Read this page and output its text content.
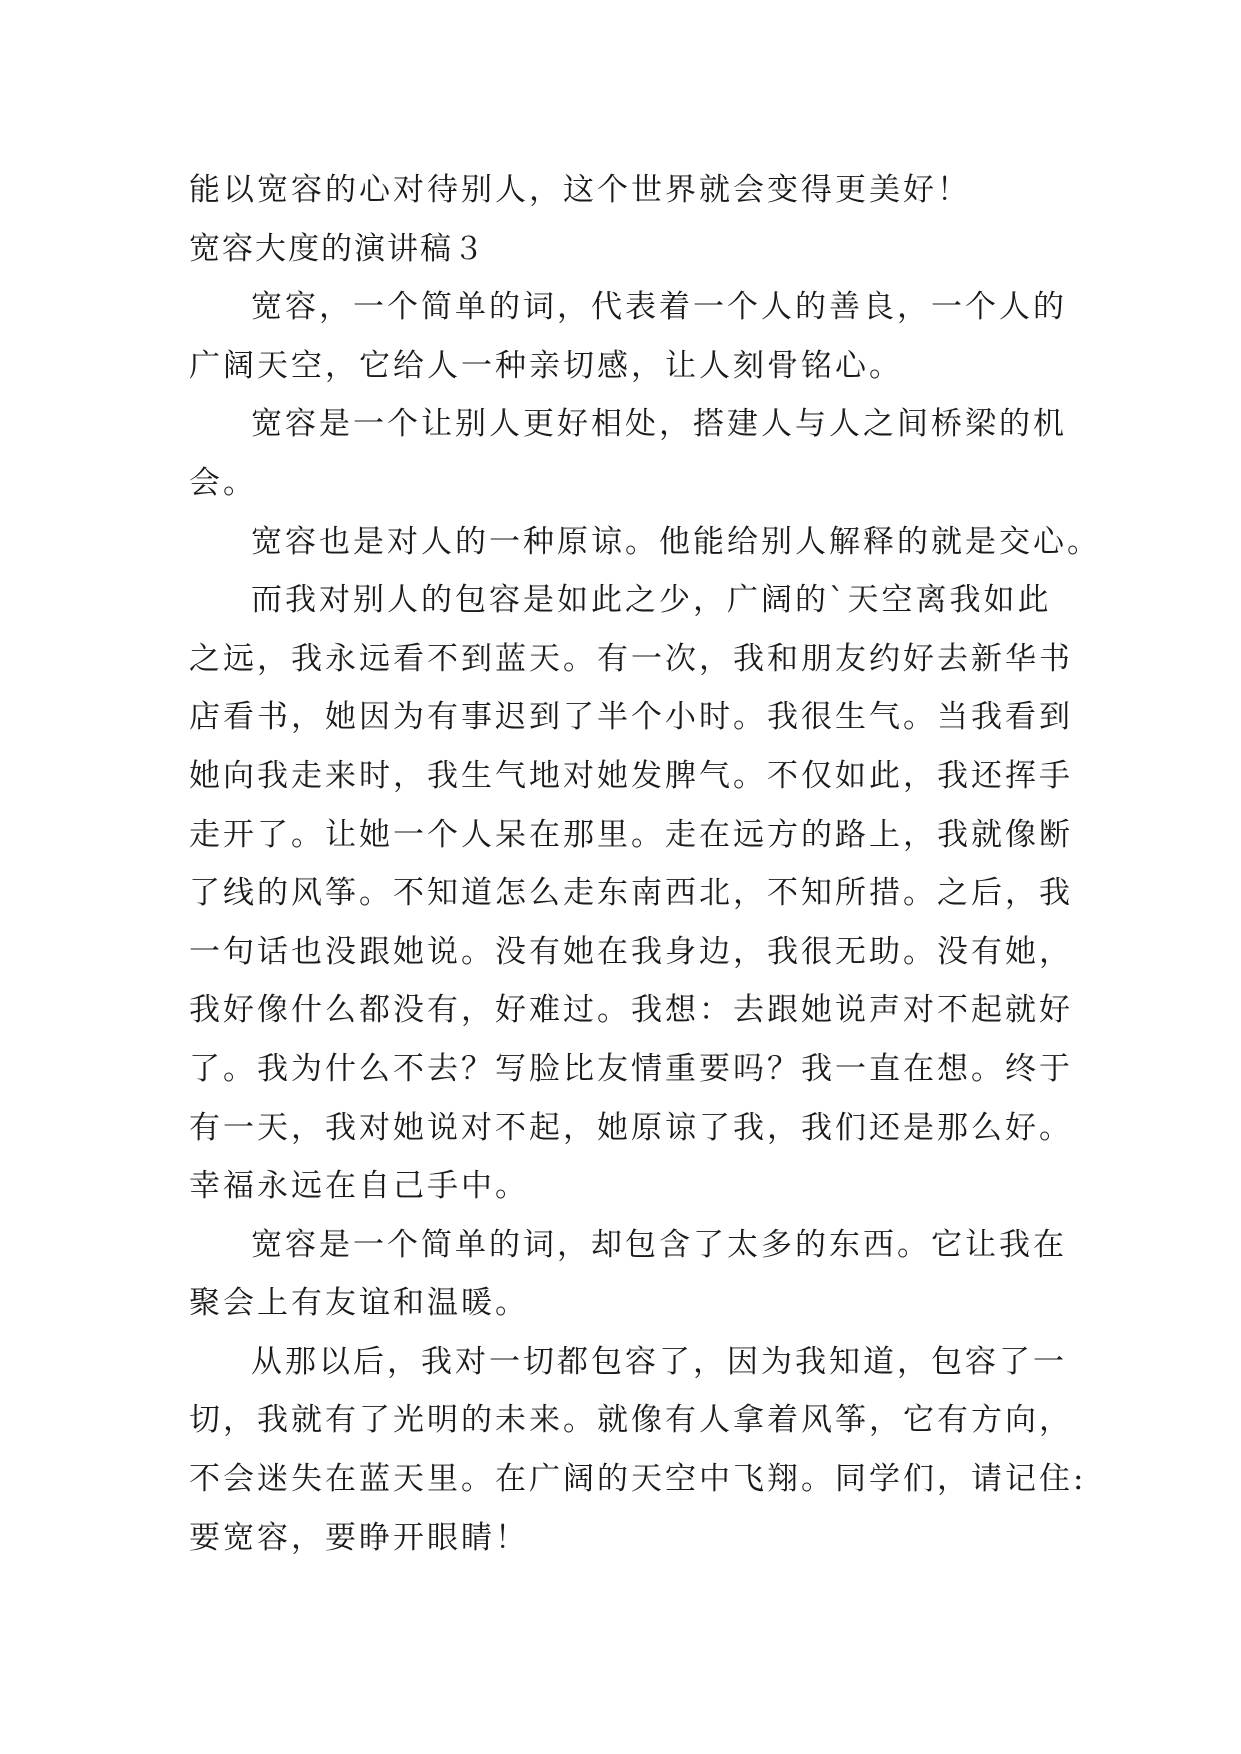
能以宽容的心对待别人，这个世界就会变得更美好！
宽容大度的演讲稿３
宽容，一个简单的词，代表着一个人的善良，一个人的
广阔天空，它给人一种亲切感，让人刻骨铭心。
宽容是一个让别人更好相处，搭建人与人之间桥梁的机
会。
宽容也是对人的一种原谅。他能给别人解释的就是交心。
而我对别人的包容是如此之少，广阔的`天空离我如此
之远，我永远看不到蓝天。有一次，我和朋友约好去新华书
店看书，她因为有事迟到了半个小时。我很生气。当我看到
她向我走来时，我生气地对她发脾气。不仅如此，我还挥手
走开了。让她一个人呆在那里。走在远方的路上，我就像断
了线的风筝。不知道怎么走东南西北，不知所措。之后，我
一句话也没跟她说。没有她在我身边，我很无助。没有她，
我好像什么都没有，好难过。我想：去跟她说声对不起就好
了。我为什么不去？写脸比友情重要吗？我一直在想。终于
有一天，我对她说对不起，她原谅了我，我们还是那么好。
幸福永远在自己手中。
宽容是一个简单的词，却包含了太多的东西。它让我在
聚会上有友谊和温暖。
从那以后，我对一切都包容了，因为我知道，包容了一
切，我就有了光明的未来。就像有人拿着风筝，它有方向，
不会迷失在蓝天里。在广阔的天空中飞翔。同学们，请记住:
要宽容，要睁开眼睛！
